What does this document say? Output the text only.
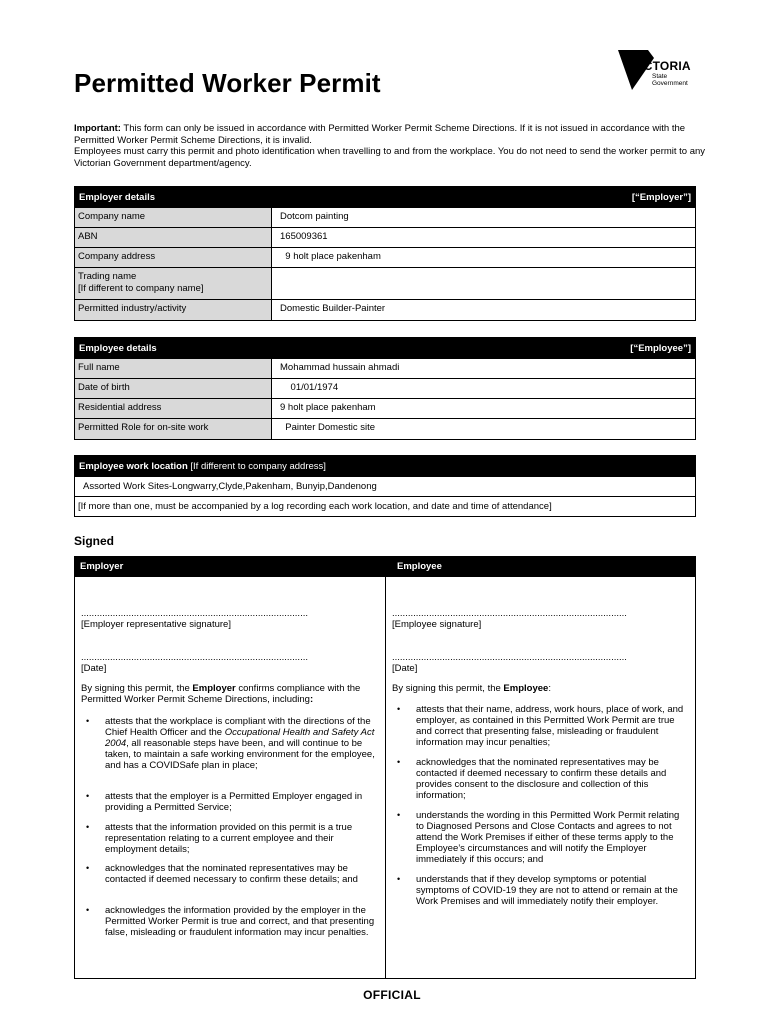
Permitted Worker Permit
VICTORIA
State
Government
Important: This form can only be issued in accordance with Permitted Worker Permit Scheme Directions. If it is not issued in accordance with the Permitted Worker Permit Scheme Directions, it is invalid.
Employees must carry this permit and photo identification when travelling to and from the workplace. You do not need to send the worker permit to any Victorian Government department/agency.
Employer details	[“Employer”]
Company name	Dotcom painting
ABN	165009361
Company address	9 holt place pakenham
Trading name
[If different to company name]
Permitted industry/activity	Domestic Builder-Painter
Employee details	[“Employee”]
Full name	Mohammad hussain ahmadi
Date of birth	01/01/1974
Residential address	9 holt place pakenham
Permitted Role for on-site work	Painter Domestic site
Employee work location [If different to company address]
Assorted Work Sites-Longwarry,Clyde,Pakenham, Bunyip,Dandenong
[If more than one, must be accompanied by a log recording each work location, and date and time of attendance]
Signed
Employer	Employee
......................................................................................
[Employer representative signature]
......................................................................................
[Date]
By signing this permit, the Employer confirms compliance with the Permitted Worker Permit Scheme Directions, including:
• attests that the workplace is compliant with the directions of the Chief Health Officer and the Occupational Health and Safety Act 2004, all reasonable steps have been, and will continue to be taken, to maintain a safe working environment for the employee, and has a COVIDSafe plan in place;
• attests that the employer is a Permitted Employer engaged in providing a Permitted Service;
• attests that the information provided on this permit is a true representation relating to a current employee and their employment details;
• acknowledges that the nominated representatives may be contacted if deemed necessary to confirm these details; and
• acknowledges the information provided by the employer in the Permitted Worker Permit is true and correct, and that presenting false, misleading or fraudulent information may incur penalties.
.........................................................................................
[Employee signature]
.........................................................................................
[Date]
By signing this permit, the Employee:
• attests that their name, address, work hours, place of work, and employer, as contained in this Permitted Work Permit are true and correct that presenting false, misleading or fraudulent information may incur penalties;
• acknowledges that the nominated representatives may be contacted if deemed necessary to confirm these details and provides consent to the disclosure and collection of this information;
• understands the wording in this Permitted Work Permit relating to Diagnosed Persons and Close Contacts and agrees to not attend the Work Premises if either of these terms apply to the Employee’s circumstances and will notify the Employer immediately if this occurs; and
• understands that if they develop symptoms or potential symptoms of COVID-19 they are not to attend or remain at the Work Premises and will immediately notify their employer.
OFFICIAL
